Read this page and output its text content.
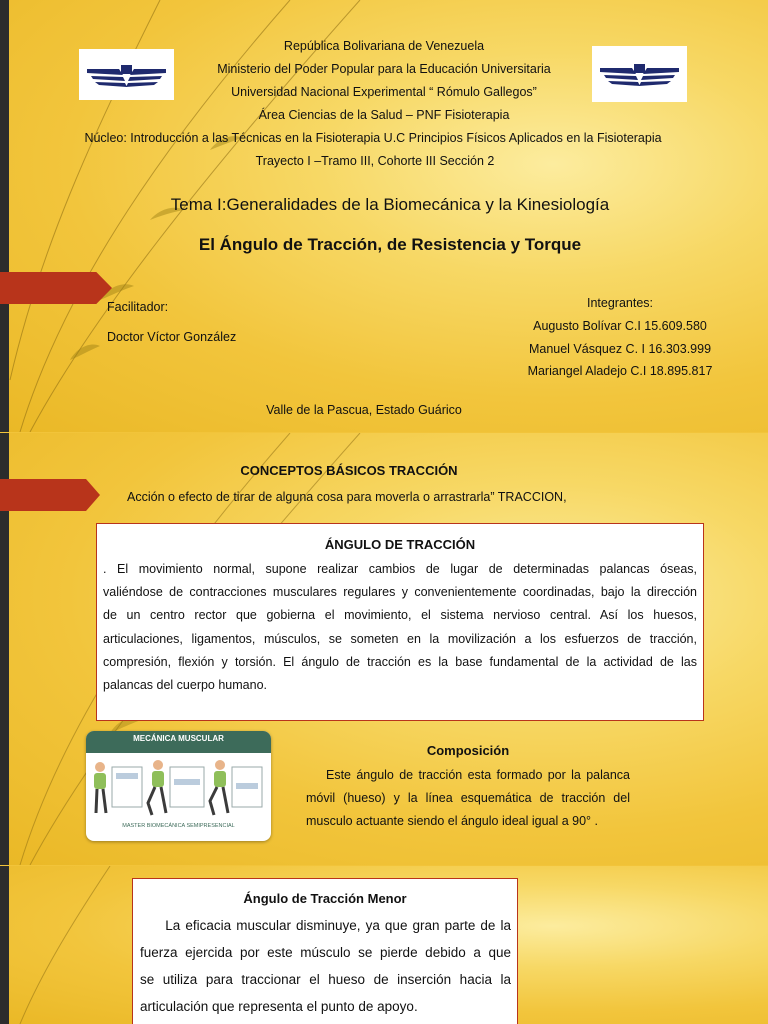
República Bolivariana de Venezuela
Ministerio del Poder Popular para la Educación Universitaria
Universidad Nacional Experimental “ Rómulo Gallegos”
Área Ciencias de la Salud – PNF Fisioterapia
Núcleo: Introducción a las Técnicas en la Fisioterapia U.C Principios Físicos Aplicados en la Fisioterapia
Trayecto I –Tramo III, Cohorte III Sección 2
Tema I:Generalidades de la Biomecánica y la Kinesiología
El Ángulo de Tracción, de Resistencia y Torque
Facilitador:
Doctor Víctor González
Integrantes:
Augusto Bolívar C.I 15.609.580
Manuel Vásquez C. I 16.303.999
Mariangel Aladejo C.I 18.895.817
Valle de la Pascua, Estado Guárico
CONCEPTOS BÁSICOS TRACCIÓN
Acción o efecto de tirar de alguna cosa para moverla o arrastrarla” TRACCION,
ÁNGULO DE TRACCIÓN
. El movimiento normal, supone realizar cambios de lugar de determinadas palancas óseas,
valiéndose de contracciones musculares regulares y convenientemente coordinadas, bajo la dirección
de un centro rector que gobierna el movimiento, el sistema nervioso central. Así los huesos,
articulaciones, ligamentos, músculos, se someten en la movilización a los esfuerzos de tracción,
compresión, flexión y torsión. El ángulo de tracción es la base fundamental de la actividad de las
palancas del cuerpo humano.
MECÁNICA MUSCULAR
MASTER BIOMECÁNICA SEMIPRESENCIAL
Composición
Este ángulo de tracción esta formado por la palanca
móvil (hueso) y la línea esquemática de tracción del
musculo actuante siendo el ángulo ideal igual a 90° .
Ángulo de Tracción Menor
La eficacia muscular disminuye, ya que gran parte de la
fuerza ejercida por este músculo se pierde debido a que
se utiliza para traccionar el hueso de inserción hacia la
articulación que representa el punto de apoyo.
